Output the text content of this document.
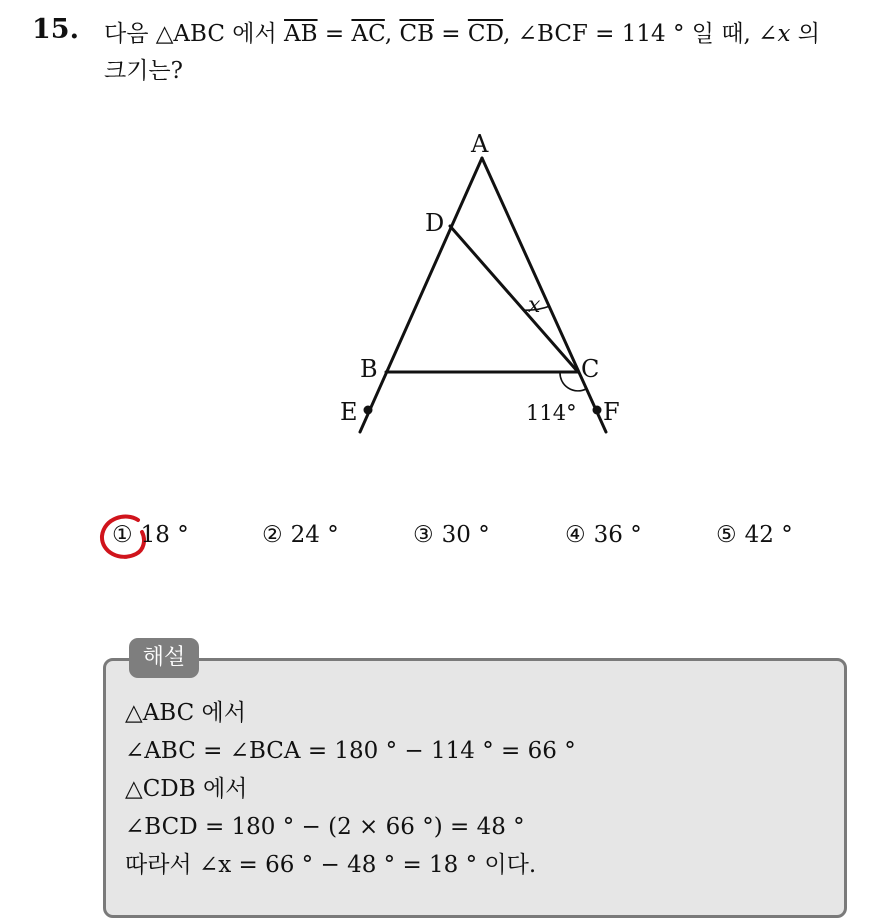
15. 다음 △ABC 에서 $\overline{AB} = \overline{AC}$, $\overline{CB} = \overline{CD}$, ∠BCF = 114 ° 일 때, ∠x 의
크기는?
A
D
B	C
E	F
x
114°
① 18 °	② 24 °	③ 30 °	④ 36 °	⑤ 42 °
해설
△ABC 에서
∠ABC = ∠BCA = 180 ° − 114 ° = 66 °
△CDB 에서
∠BCD = 180 ° − (2 × 66 °) = 48 °
따라서 ∠x = 66 ° − 48 ° = 18 ° 이다.
